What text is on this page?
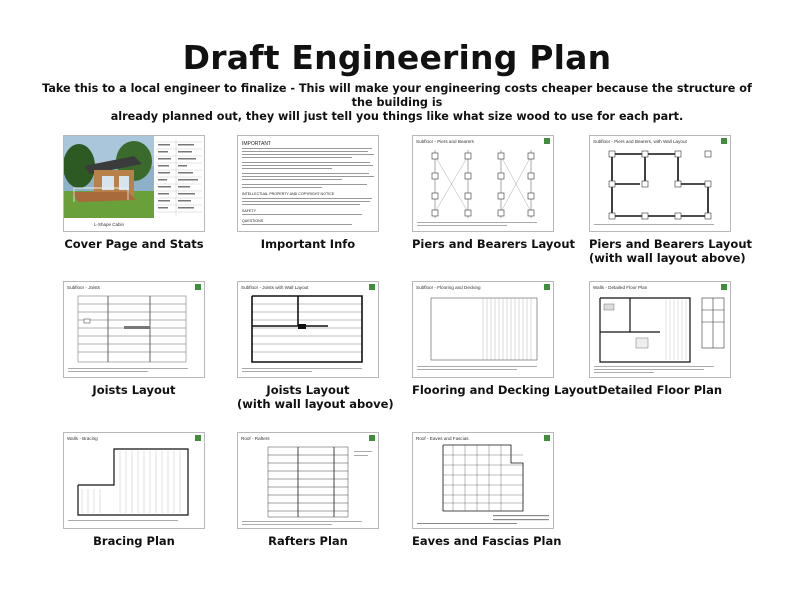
Draft Engineering Plan
Take this to a local engineer to finalize - This will make your engineering costs cheaper because the structure of the building is
already planned out, they will just tell you things like what size wood to use for each part.
L-Shape Cabin
Cover Page and Stats
IMPORTANT
INTELLECTUAL PROPERTY AND COPYRIGHT NOTICE
SAFETY
QUESTIONS
Important Info
Subfloor - Piers and Bearers
Piers and Bearers Layout
Subfloor - Piers and Bearers, with Wall Layout
Piers and Bearers Layout
(with wall layout above)
Subfloor - Joists
Joists Layout
Subfloor - Joists with Wall Layout
Joists Layout
(with wall layout above)
Subfloor - Flooring and Decking
Flooring and Decking Layout
Walls - Detailed Floor Plan
Detailed Floor Plan
Walls - Bracing
Bracing Plan
Roof - Rafters
Rafters Plan
Roof - Eaves and Fascias
Eaves and Fascias Plan
